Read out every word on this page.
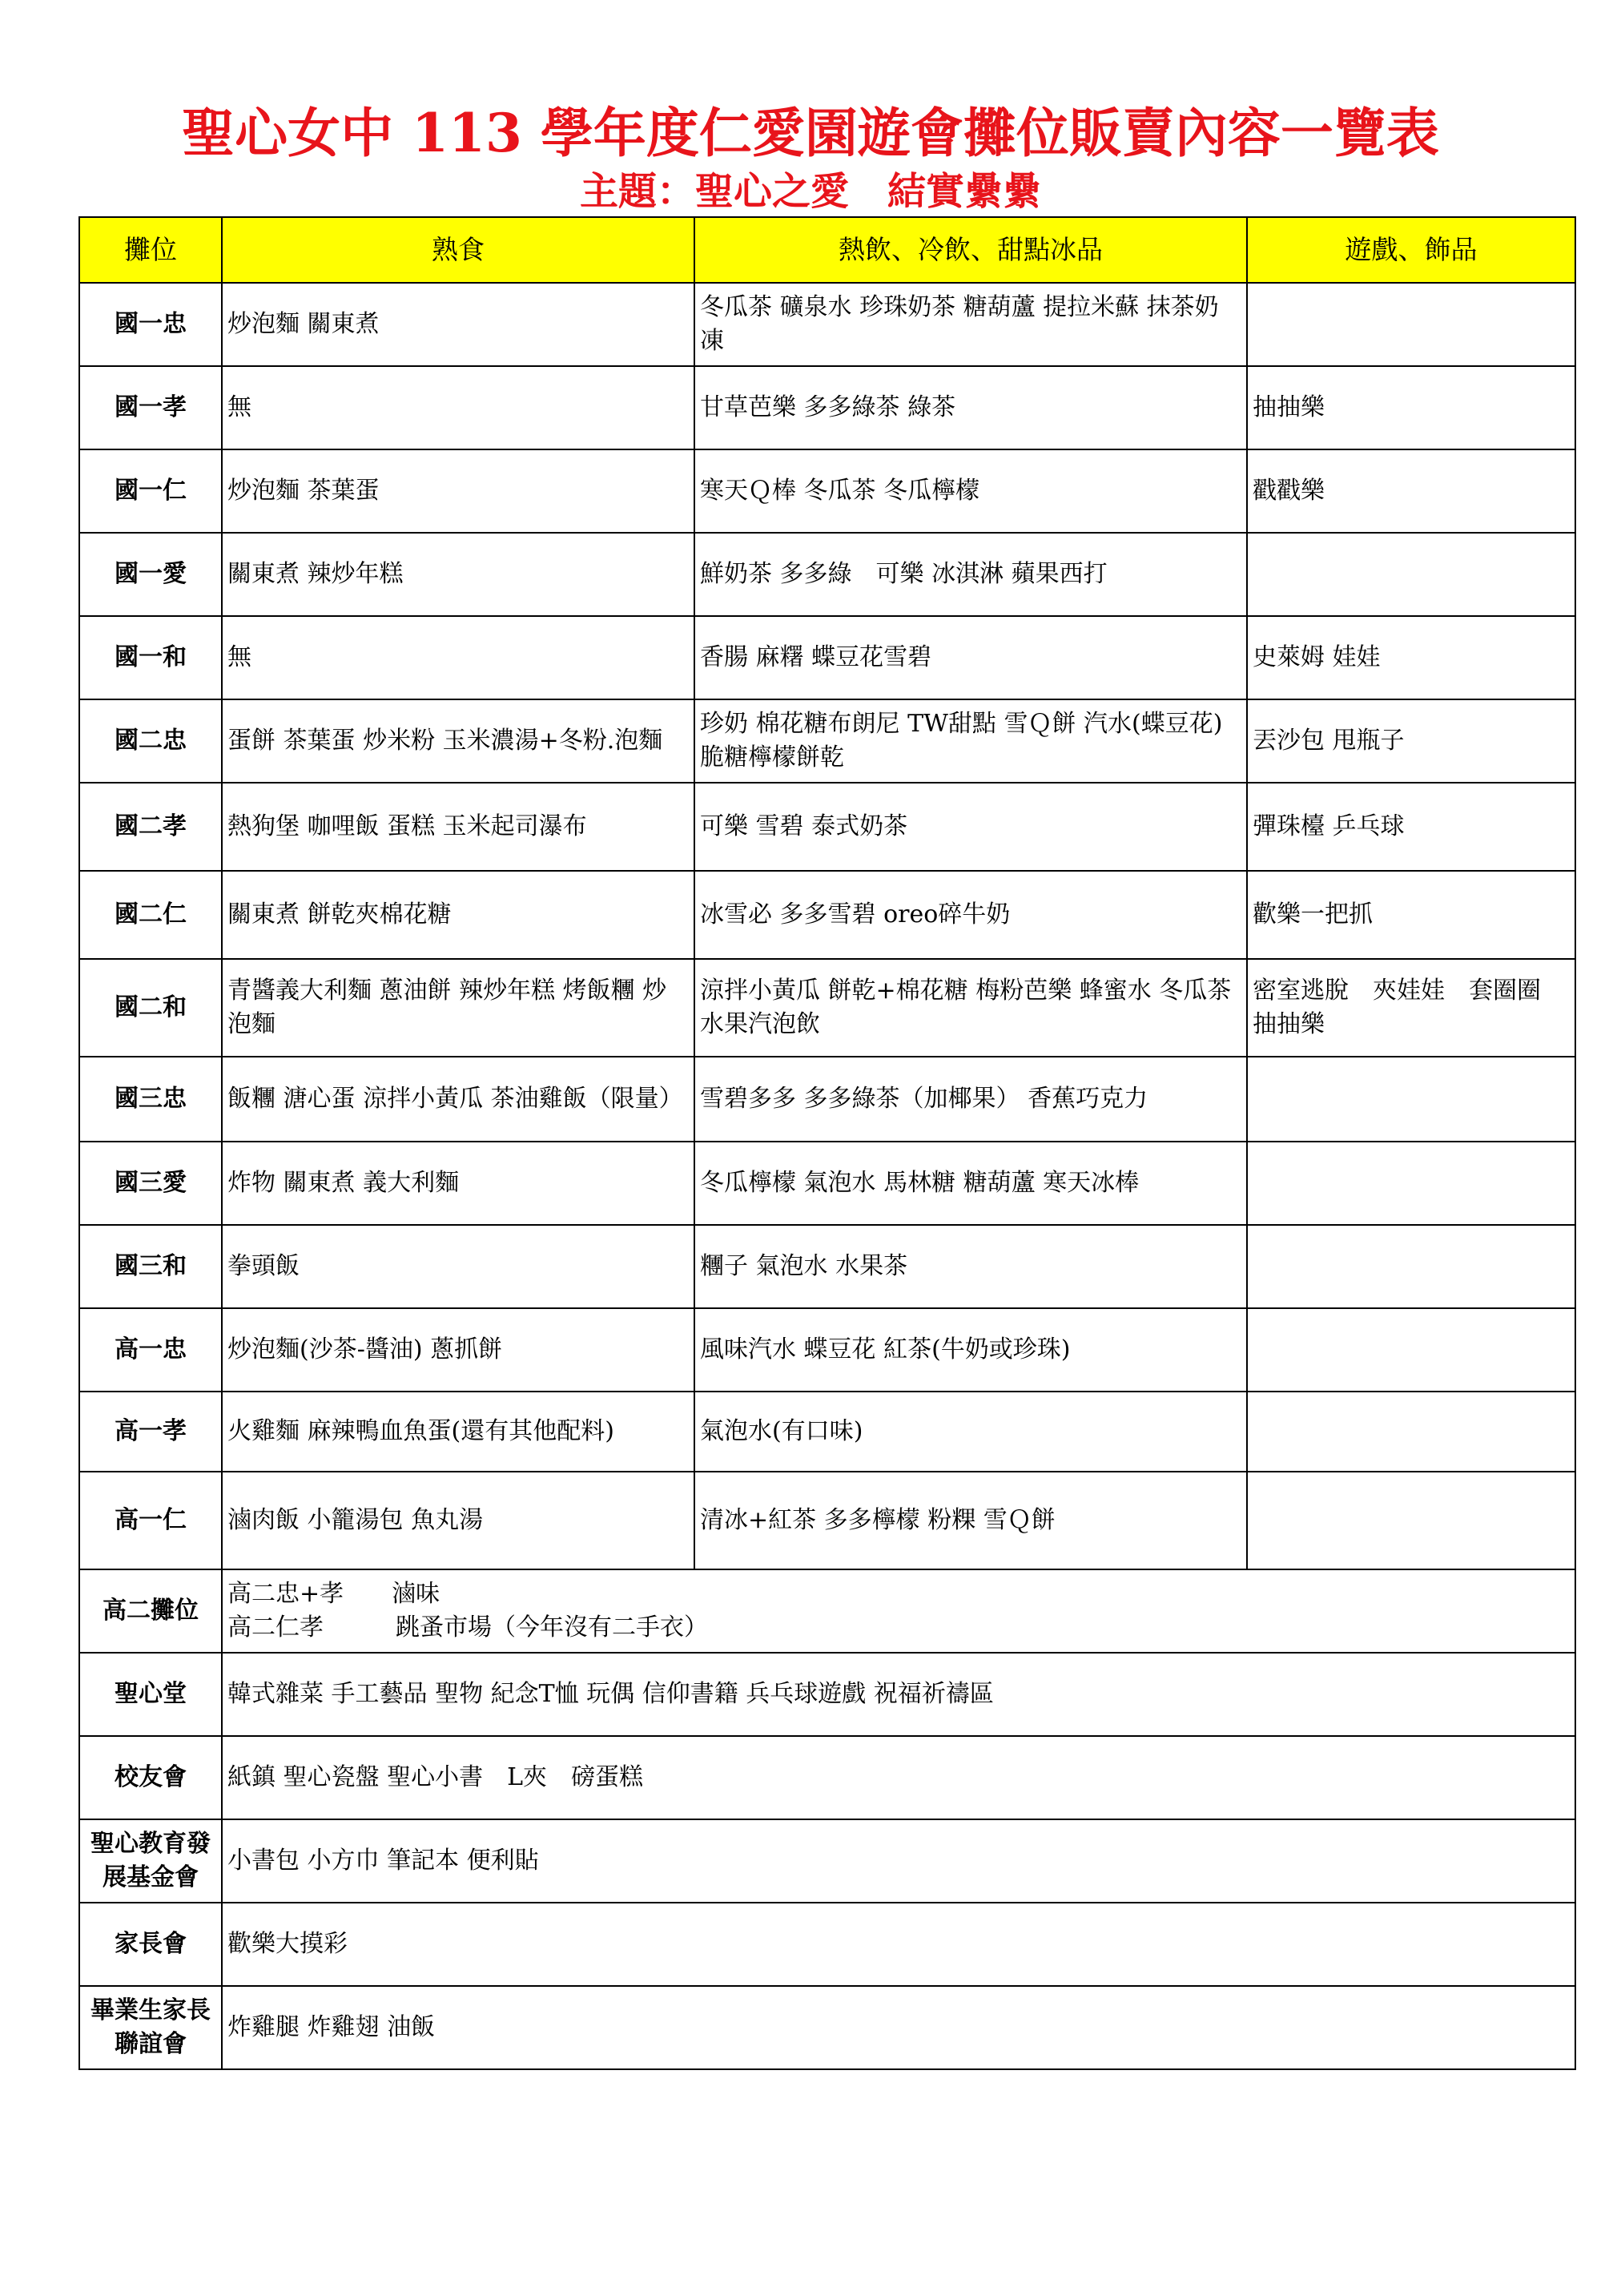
聖心女中 113 學年度仁愛園遊會攤位販賣內容一覽表
主題：聖心之愛　結實纍纍
攤位	熟食	熱飲、冷飲、甜點冰品	遊戲、飾品
國一忠	炒泡麵 關東煮	冬瓜茶 礦泉水 珍珠奶茶 糖葫蘆 提拉米蘇 抹茶奶凍	
國一孝	無	甘草芭樂 多多綠茶 綠茶	抽抽樂
國一仁	炒泡麵 茶葉蛋	寒天Ｑ棒 冬瓜茶 冬瓜檸檬	戳戳樂
國一愛	關東煮 辣炒年糕	鮮奶茶 多多綠　可樂 冰淇淋 蘋果西打	
國一和	無	香腸 麻糬 蝶豆花雪碧	史萊姆 娃娃
國二忠	蛋餅 茶葉蛋 炒米粉 玉米濃湯+冬粉.泡麵	珍奶 棉花糖布朗尼 TW甜點 雪Ｑ餅 汽水(蝶豆花) 脆糖檸檬餅乾	丟沙包 甩瓶子
國二孝	熱狗堡 咖哩飯 蛋糕 玉米起司瀑布	可樂 雪碧 泰式奶茶	彈珠檯 乒乓球
國二仁	關東煮 餅乾夾棉花糖	冰雪必 多多雪碧 oreo碎牛奶	歡樂一把抓
國二和	青醬義大利麵 蔥油餅 辣炒年糕 烤飯糰 炒泡麵	涼拌小黃瓜 餅乾+棉花糖 梅粉芭樂 蜂蜜水 冬瓜茶 水果汽泡飲	密室逃脫　夾娃娃　套圈圈 抽抽樂
國三忠	飯糰 溏心蛋 涼拌小黃瓜 茶油雞飯（限量）	雪碧多多 多多綠茶（加椰果） 香蕉巧克力	
國三愛	炸物 關東煮 義大利麵	冬瓜檸檬 氣泡水 馬林糖 糖葫蘆 寒天冰棒	
國三和	拳頭飯	糰子 氣泡水 水果茶	
高一忠	炒泡麵(沙茶-醬油) 蔥抓餅	風味汽水 蝶豆花 紅茶(牛奶或珍珠)	
高一孝	火雞麵 麻辣鴨血魚蛋(還有其他配料)	氣泡水(有口味)	
高一仁	滷肉飯 小籠湯包 魚丸湯	清冰+紅茶 多多檸檬 粉粿 雪Ｑ餅	
高二攤位	高二忠+孝　　滷味
高二仁孝　　　跳蚤市場（今年沒有二手衣）		
聖心堂	韓式雜菜 手工藝品 聖物 紀念T恤 玩偶 信仰書籍 兵乓球遊戲 祝福祈禱區		
校友會	紙鎮 聖心瓷盤 聖心小書　L夾　磅蛋糕		
聖心教育發展基金會	小書包 小方巾 筆記本 便利貼		
家長會	歡樂大摸彩		
畢業生家長聯誼會	炸雞腿 炸雞翅 油飯		
